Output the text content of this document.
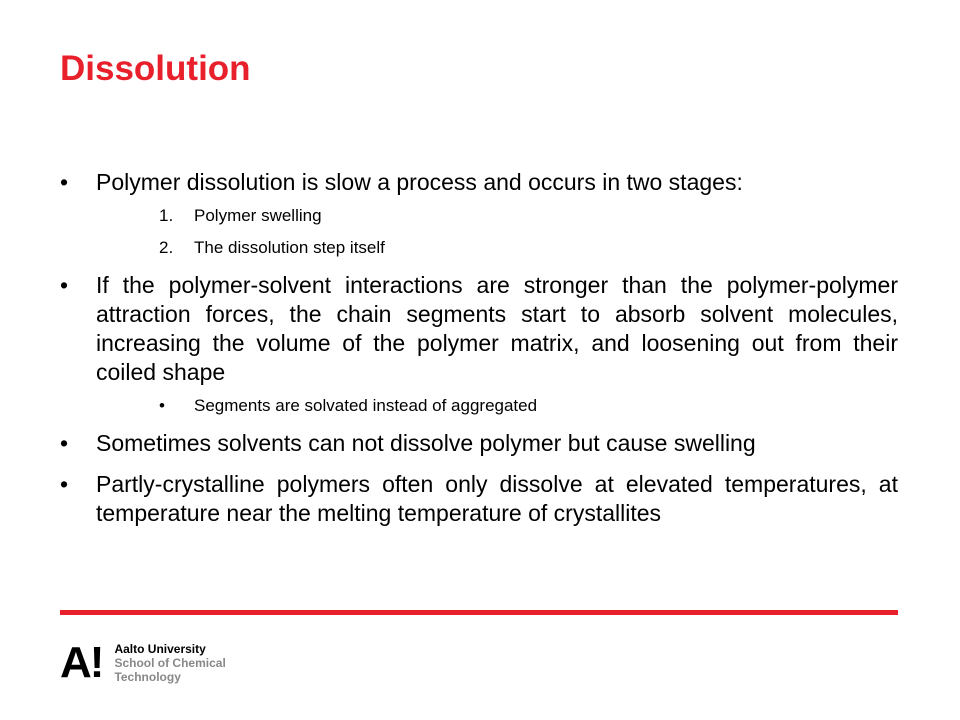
Dissolution
• Polymer dissolution is slow a process and occurs in two stages:
1. Polymer swelling
2. The dissolution step itself
• If the polymer-solvent interactions are stronger than the polymer-polymer attraction forces, the chain segments start to absorb solvent molecules, increasing the volume of the polymer matrix, and loosening out from their coiled shape
• Segments are solvated instead of aggregated
• Sometimes solvents can not dissolve polymer but cause swelling
• Partly-crystalline polymers often only dissolve at elevated temperatures, at temperature near the melting temperature of crystallites
A! Aalto University
School of Chemical
Technology
